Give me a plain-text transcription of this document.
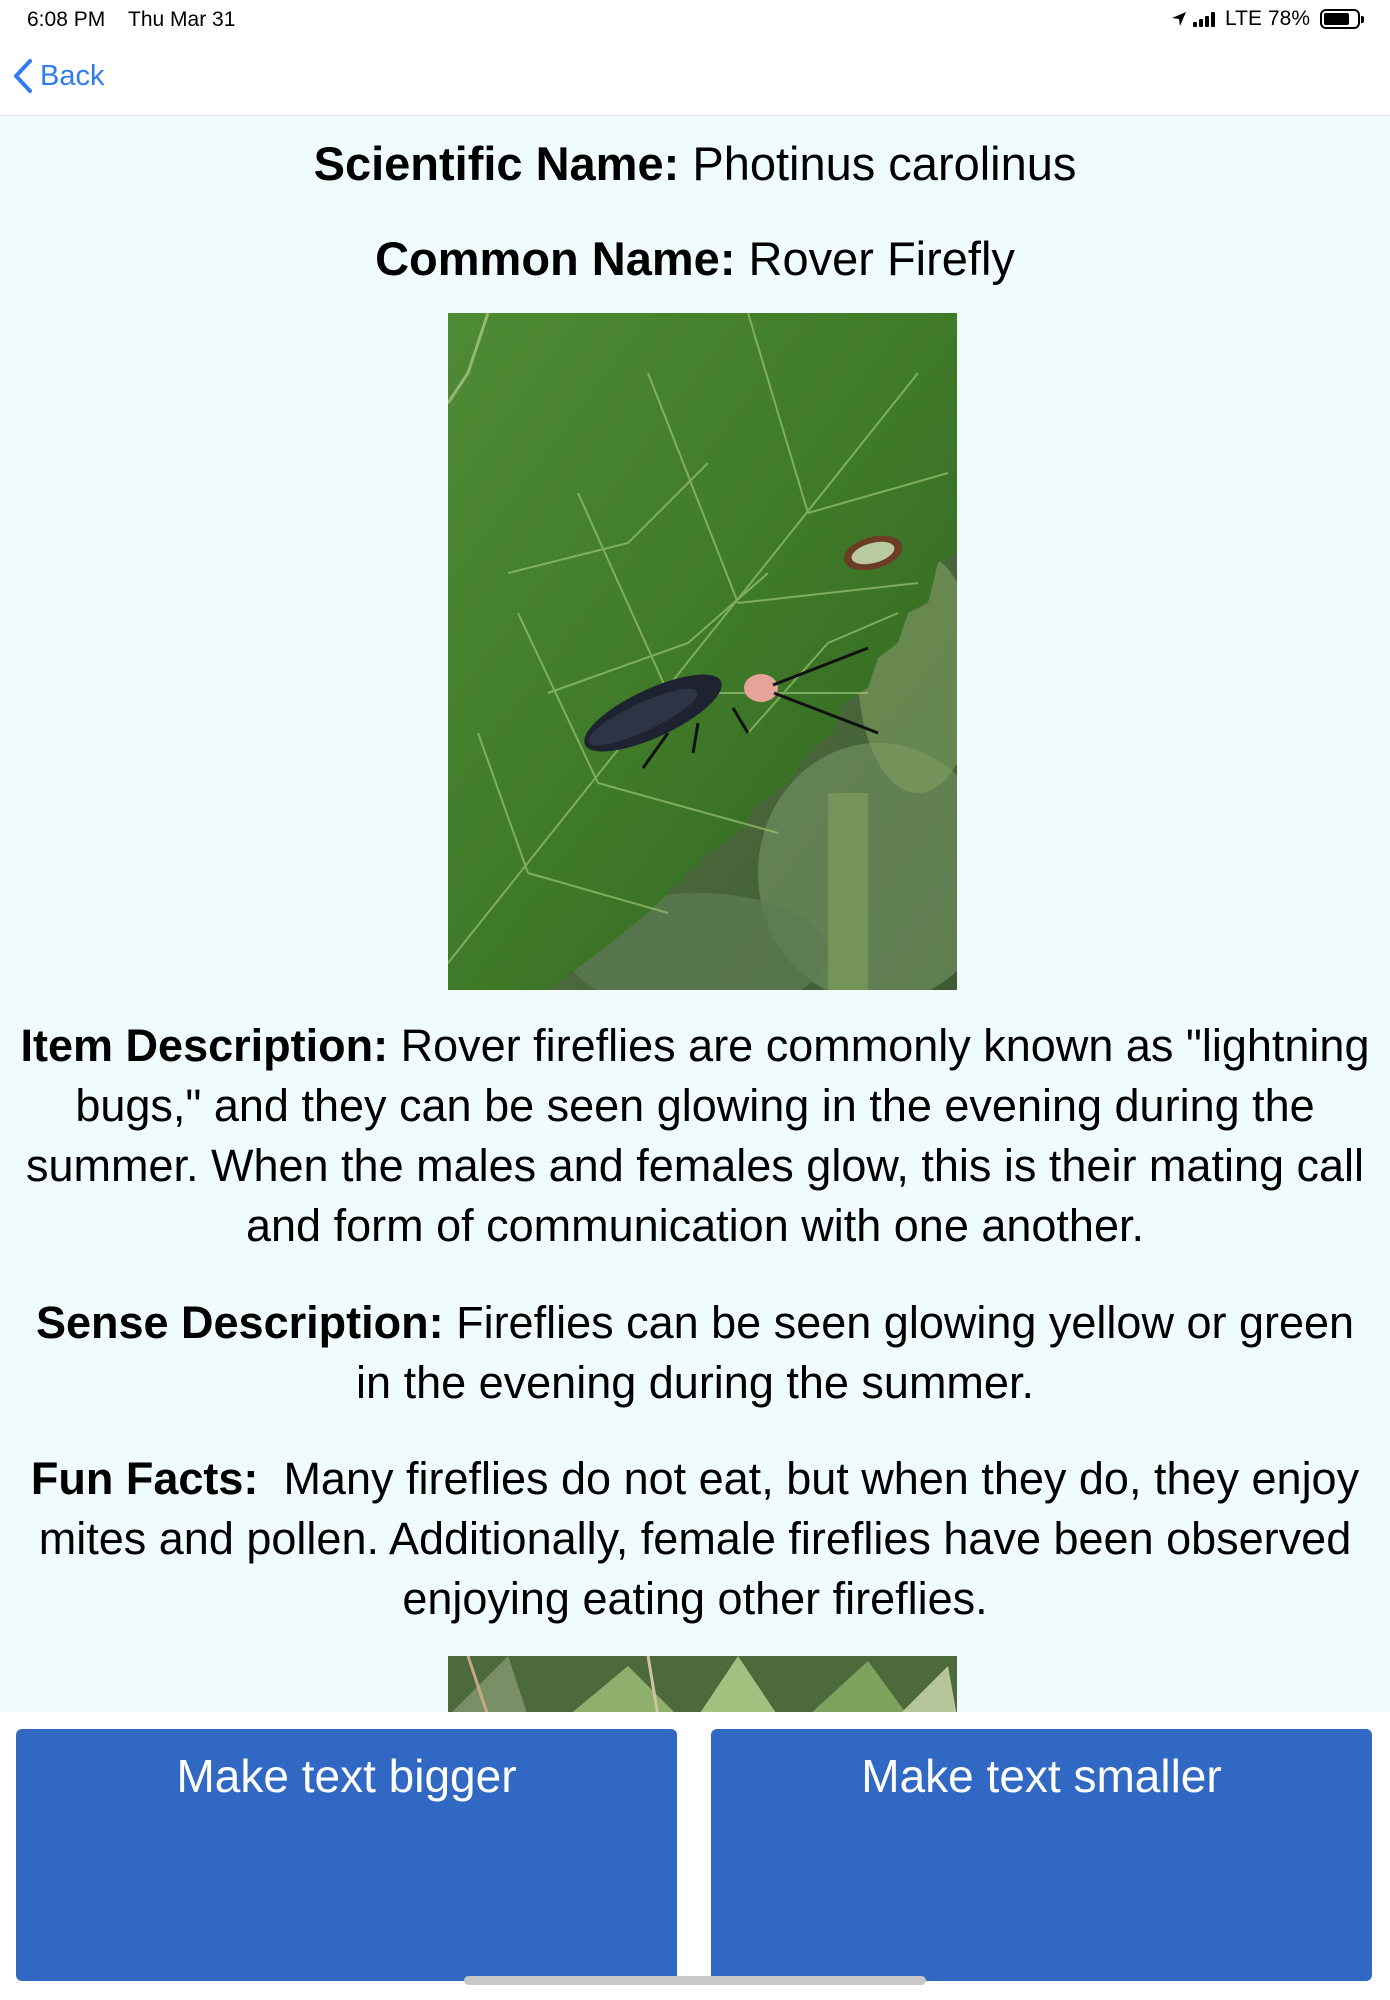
6:08 PM Thu Mar 31	LTE 78%
Back
Scientific Name: Photinus carolinus
Common Name: Rover Firefly
Item Description: Rover fireflies are commonly known as "lightning bugs," and they can be seen glowing in the evening during the summer. When the males and females glow, this is their mating call and form of communication with one another.
Sense Description: Fireflies can be seen glowing yellow or green in the evening during the summer.
Fun Facts: Many fireflies do not eat, but when they do, they enjoy mites and pollen. Additionally, female fireflies have been observed enjoying eating other fireflies.
Make text bigger	Make text smaller
